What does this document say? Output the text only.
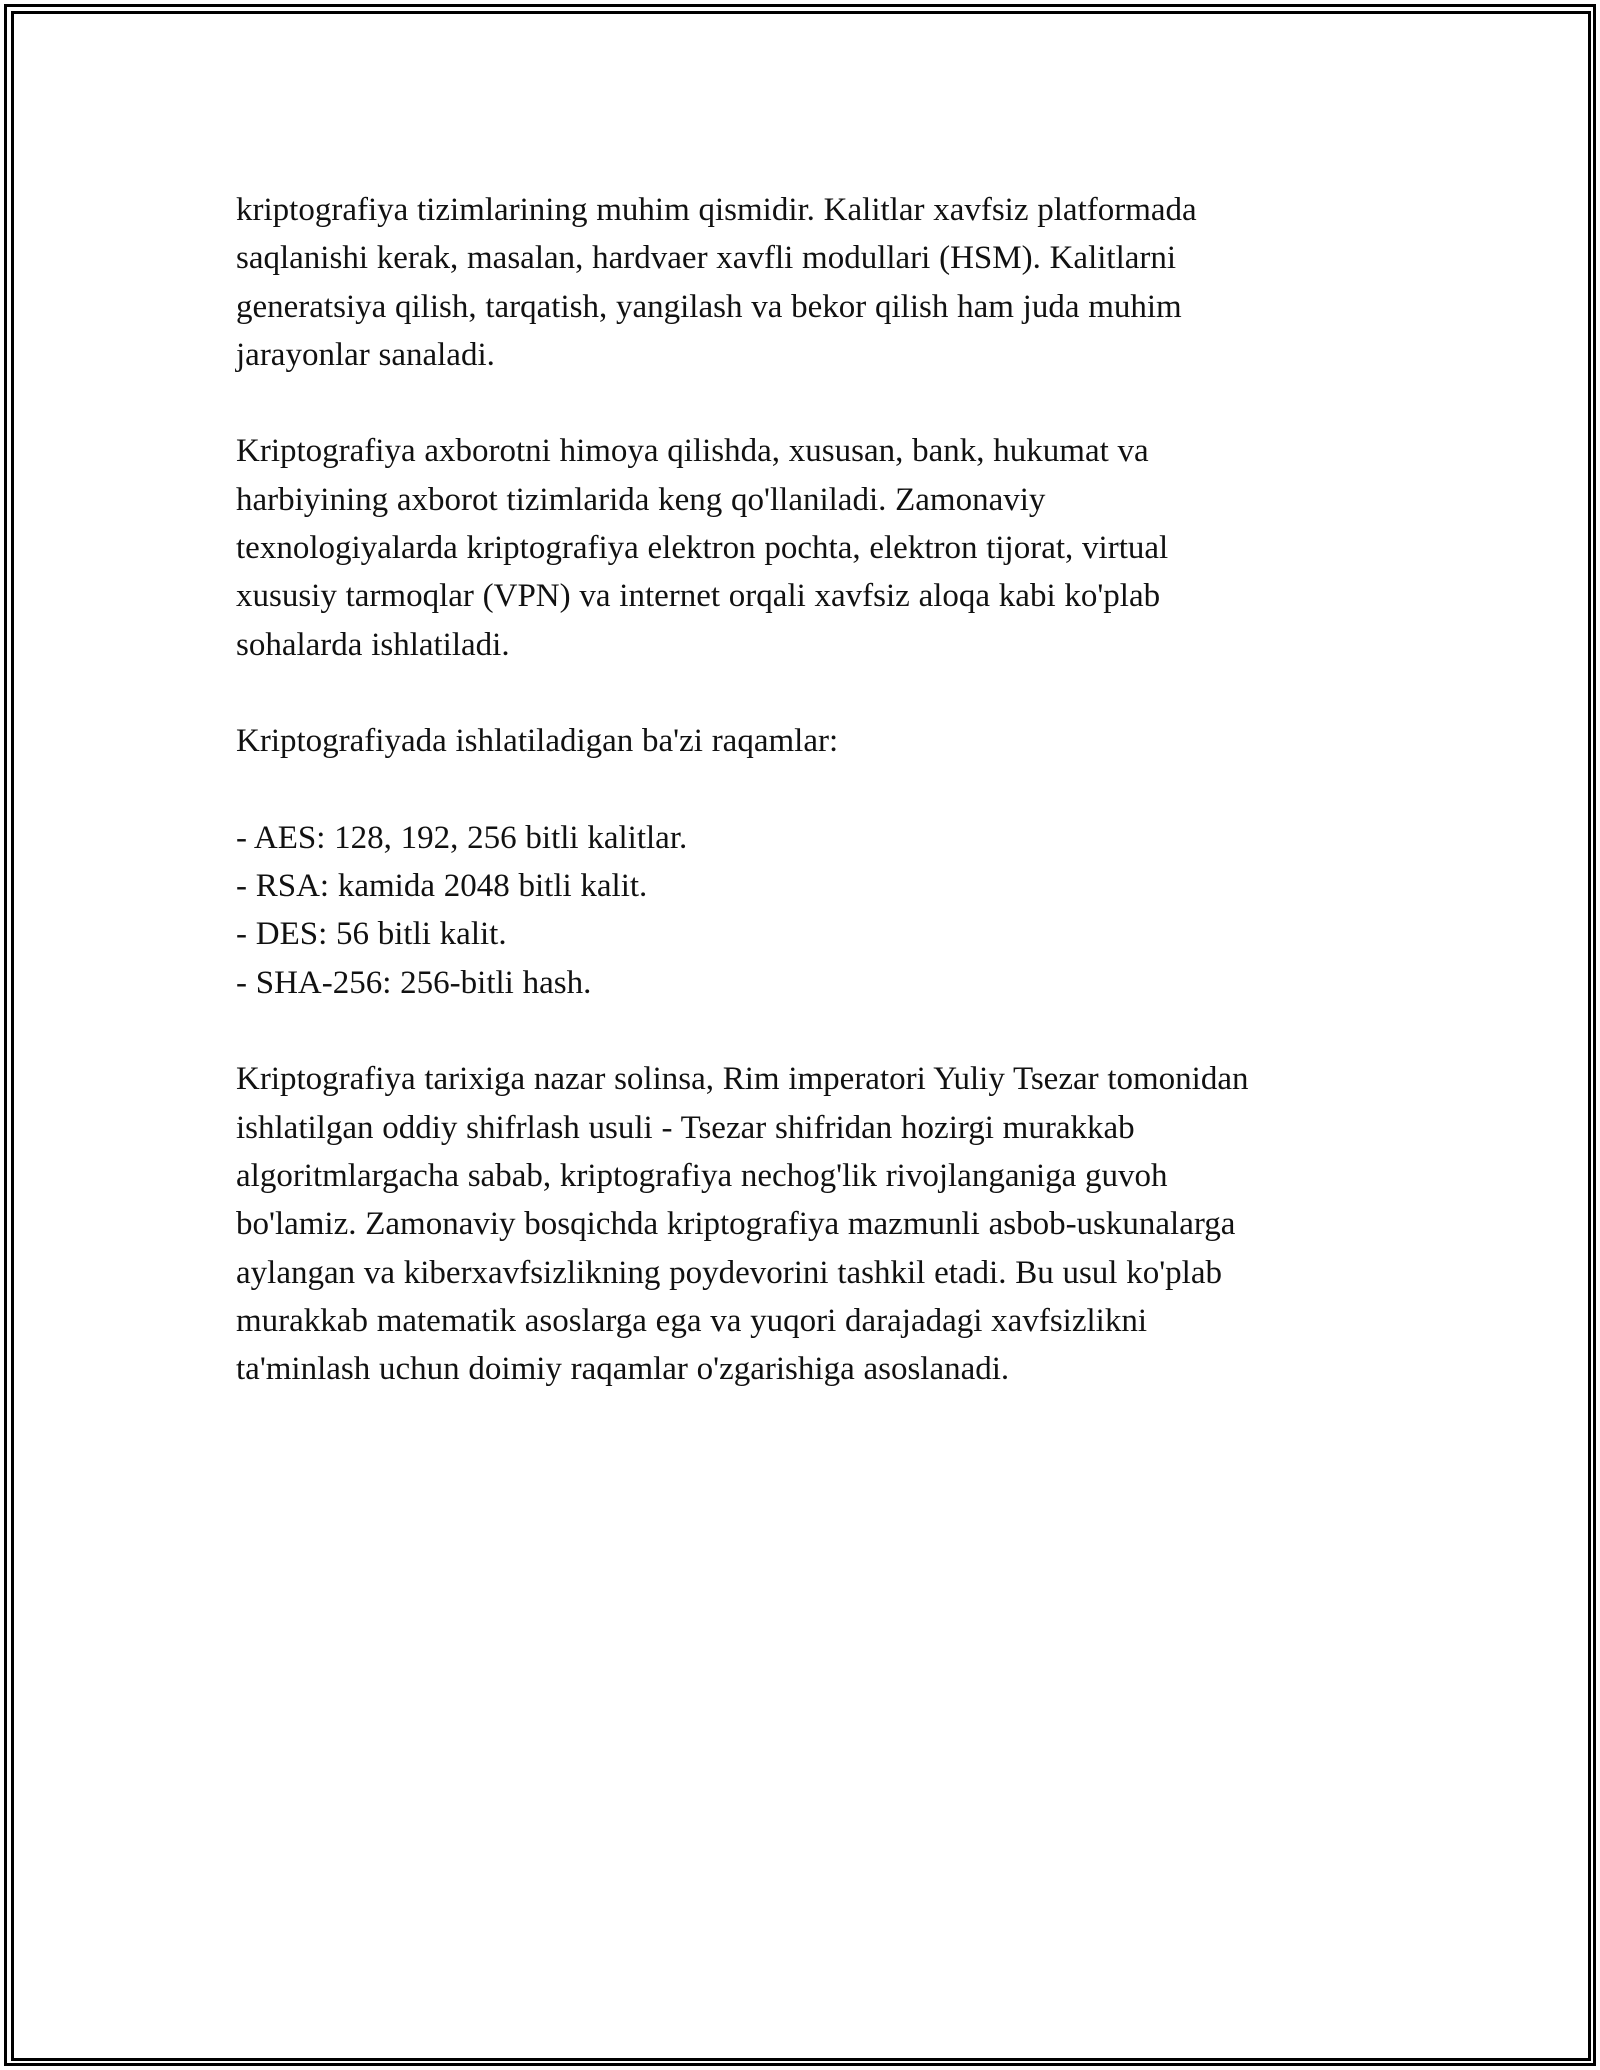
kriptografiya tizimlarining muhim qismidir. Kalitlar xavfsiz platformada
saqlanishi kerak, masalan, hardvaer xavfli modullari (HSM). Kalitlarni
generatsiya qilish, tarqatish, yangilash va bekor qilish ham juda muhim
jarayonlar sanaladi.

Kriptografiya axborotni himoya qilishda, xususan, bank, hukumat va
harbiyining axborot tizimlarida keng qo'llaniladi. Zamonaviy
texnologiyalarda kriptografiya elektron pochta, elektron tijorat, virtual
xususiy tarmoqlar (VPN) va internet orqali xavfsiz aloqa kabi ko'plab
sohalarda ishlatiladi.

Kriptografiyada ishlatiladigan ba'zi raqamlar:

- AES: 128, 192, 256 bitli kalitlar.
- RSA: kamida 2048 bitli kalit.
- DES: 56 bitli kalit.
- SHA-256: 256-bitli hash.

Kriptografiya tarixiga nazar solinsa, Rim imperatori Yuliy Tsezar tomonidan
ishlatilgan oddiy shifrlash usuli - Tsezar shifridan hozirgi murakkab
algoritmlargacha sabab, kriptografiya nechog'lik rivojlanganiga guvoh
bo'lamiz. Zamonaviy bosqichda kriptografiya mazmunli asbob-uskunalarga
aylangan va kiberxavfsizlikning poydevorini tashkil etadi. Bu usul ko'plab
murakkab matematik asoslarga ega va yuqori darajadagi xavfsizlikni
ta'minlash uchun doimiy raqamlar o'zgarishiga asoslanadi.
